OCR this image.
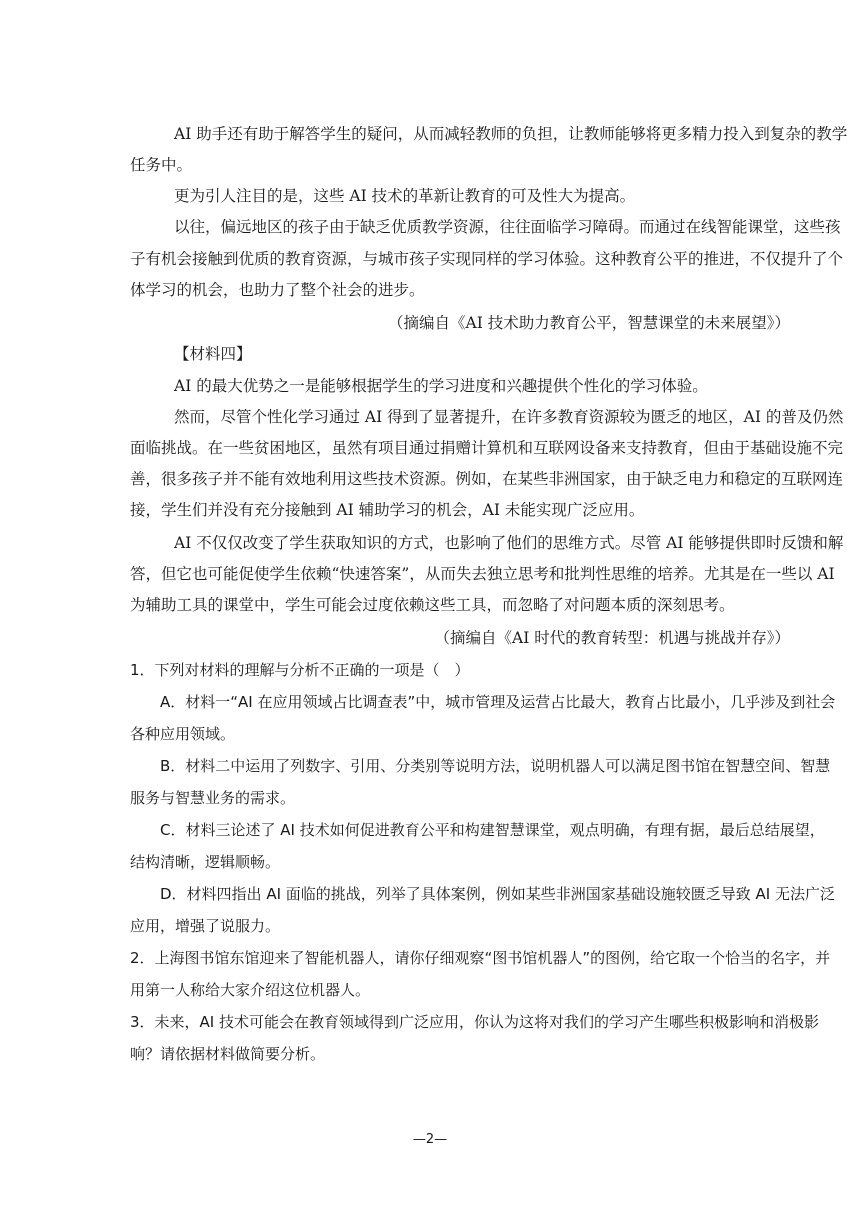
AI 助手还有助于解答学生的疑问，从而减轻教师的负担，让教师能够将更多精力投入到复杂的教学
任务中。
更为引人注目的是，这些 AI 技术的革新让教育的可及性大为提高。
以往，偏远地区的孩子由于缺乏优质教学资源，往往面临学习障碍。而通过在线智能课堂，这些孩
子有机会接触到优质的教育资源，与城市孩子实现同样的学习体验。这种教育公平的推进，不仅提升了个
体学习的机会，也助力了整个社会的进步。
（摘编自《AI 技术助力教育公平，智慧课堂的未来展望》）
【材料四】
AI 的最大优势之一是能够根据学生的学习进度和兴趣提供个性化的学习体验。
然而，尽管个性化学习通过 AI 得到了显著提升，在许多教育资源较为匮乏的地区，AI 的普及仍然
面临挑战。在一些贫困地区，虽然有项目通过捐赠计算机和互联网设备来支持教育，但由于基础设施不完
善，很多孩子并不能有效地利用这些技术资源。例如，在某些非洲国家，由于缺乏电力和稳定的互联网连
接，学生们并没有充分接触到 AI 辅助学习的机会，AI 未能实现广泛应用。
AI 不仅仅改变了学生获取知识的方式，也影响了他们的思维方式。尽管 AI 能够提供即时反馈和解
答，但它也可能促使学生依赖“快速答案”，从而失去独立思考和批判性思维的培养。尤其是在一些以 AI
为辅助工具的课堂中，学生可能会过度依赖这些工具，而忽略了对问题本质的深刻思考。
（摘编自《AI 时代的教育转型：机遇与挑战并存》）
1．下列对材料的理解与分析不正确的一项是（　）
A．材料一“AI 在应用领域占比调查表”中，城市管理及运营占比最大，教育占比最小，几乎涉及到社会
各种应用领域。
B．材料二中运用了列数字、引用、分类别等说明方法，说明机器人可以满足图书馆在智慧空间、智慧
服务与智慧业务的需求。
C．材料三论述了 AI 技术如何促进教育公平和构建智慧课堂，观点明确，有理有据，最后总结展望，
结构清晰，逻辑顺畅。
D．材料四指出 AI 面临的挑战，列举了具体案例，例如某些非洲国家基础设施较匮乏导致 AI 无法广泛
应用，增强了说服力。
2．上海图书馆东馆迎来了智能机器人，请你仔细观察“图书馆机器人”的图例，给它取一个恰当的名字，并
用第一人称给大家介绍这位机器人。
3．未来，AI 技术可能会在教育领域得到广泛应用，你认为这将对我们的学习产生哪些积极影响和消极影
响？请依据材料做简要分析。
—2—
